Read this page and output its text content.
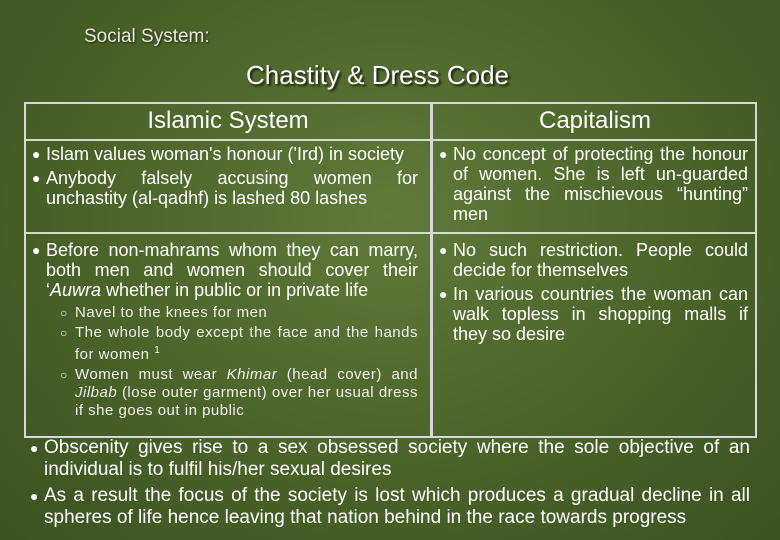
Social System:
Chastity & Dress Code
Islamic System	Capitalism
● Islam values woman's honour ('Ird) in society
● Anybody falsely accusing women for unchastity (al-qadhf) is lashed 80 lashes
● No concept of protecting the honour of women. She is left un-guarded against the mischievous “hunting” men
● Before non-mahrams whom they can marry, both men and women should cover their ‘Auwra whether in public or in private life
○ Navel to the knees for men
○ The whole body except the face and the hands for women $^1$
○ Women must wear Khimar (head cover) and Jilbab (lose outer garment) over her usual dress if she goes out in public
● No such restriction. People could decide for themselves
● In various countries the woman can walk topless in shopping malls if they so desire
● Obscenity gives rise to a sex obsessed society where the sole objective of an individual is to fulfil his/her sexual desires
● As a result the focus of the society is lost which produces a gradual decline in all spheres of life hence leaving that nation behind in the race towards progress
